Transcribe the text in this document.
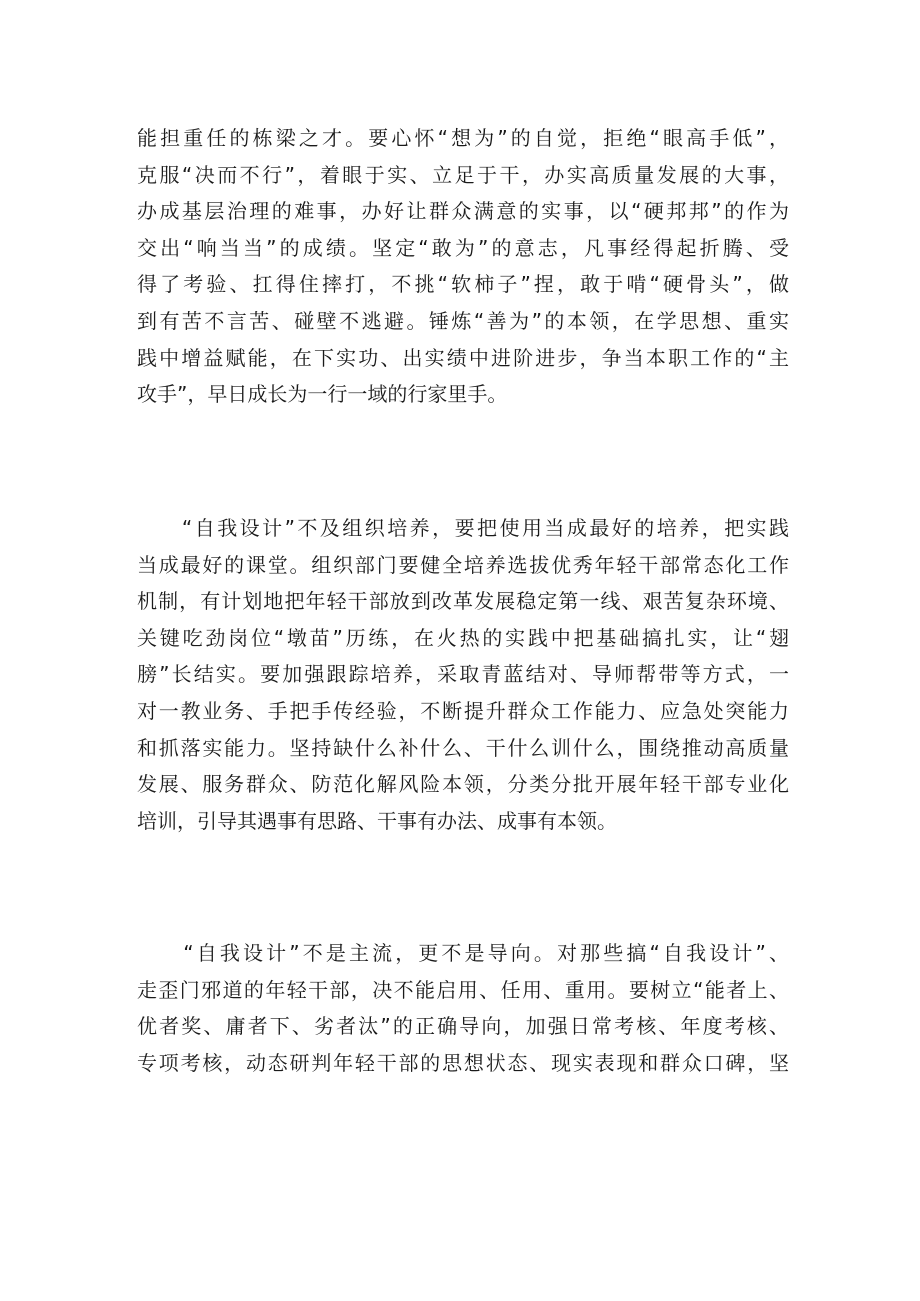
能担重任的栋梁之才。要心怀“想为”的自觉，拒绝“眼高手低”，
克服“决而不行”，着眼于实、立足于干，办实高质量发展的大事，
办成基层治理的难事，办好让群众满意的实事，以“硬邦邦”的作为
交出“响当当”的成绩。坚定“敢为”的意志，凡事经得起折腾、受
得了考验、扛得住摔打，不挑“软柿子”捏，敢于啃“硬骨头”，做
到有苦不言苦、碰壁不逃避。锤炼“善为”的本领，在学思想、重实
践中增益赋能，在下实功、出实绩中进阶进步，争当本职工作的“主
攻手”，早日成长为一行一域的行家里手。
　　“自我设计”不及组织培养，要把使用当成最好的培养，把实践
当成最好的课堂。组织部门要健全培养选拔优秀年轻干部常态化工作
机制，有计划地把年轻干部放到改革发展稳定第一线、艰苦复杂环境、
关键吃劲岗位“墩苗”历练，在火热的实践中把基础搞扎实，让“翅
膀”长结实。要加强跟踪培养，采取青蓝结对、导师帮带等方式，一
对一教业务、手把手传经验，不断提升群众工作能力、应急处突能力
和抓落实能力。坚持缺什么补什么、干什么训什么，围绕推动高质量
发展、服务群众、防范化解风险本领，分类分批开展年轻干部专业化
培训，引导其遇事有思路、干事有办法、成事有本领。
　　“自我设计”不是主流，更不是导向。对那些搞“自我设计”、
走歪门邪道的年轻干部，决不能启用、任用、重用。要树立“能者上、
优者奖、庸者下、劣者汰”的正确导向，加强日常考核、年度考核、
专项考核，动态研判年轻干部的思想状态、现实表现和群众口碑，坚
